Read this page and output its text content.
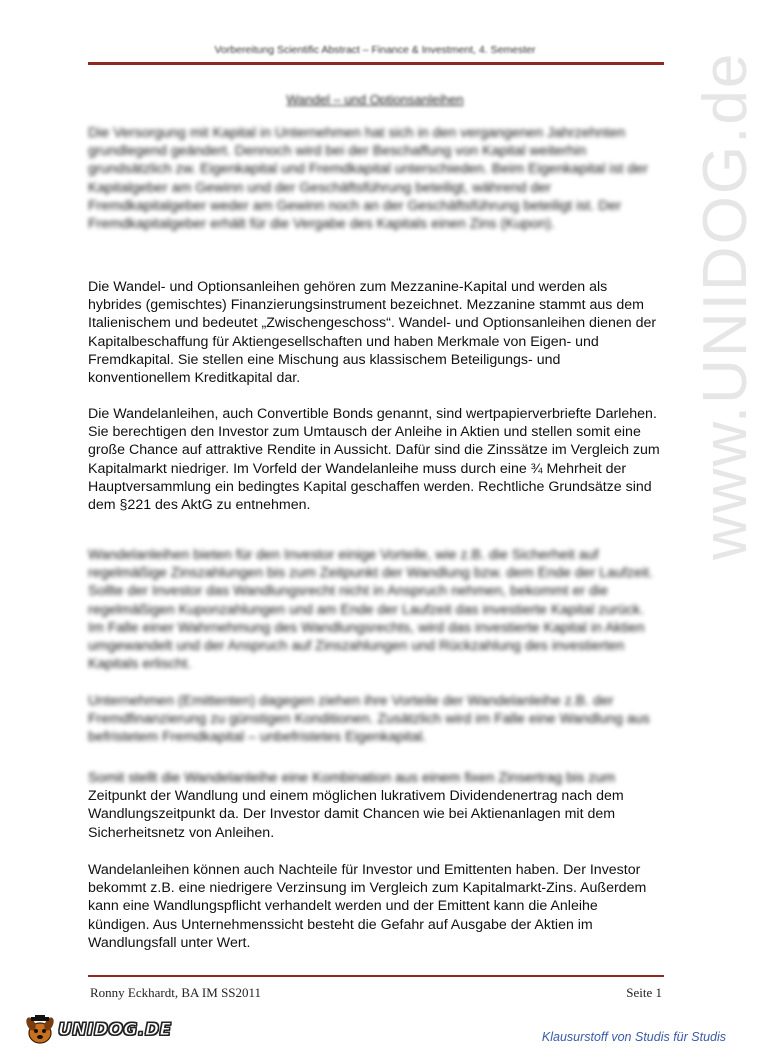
Vorbereitung Scientific Abstract – Finance & Investment, 4. Semester
Wandel – und Optionsanleihen

Die Versorgung mit Kapital in Unternehmen hat sich in den vergangenen Jahrzehnten grundlegend geändert. Dennoch wird bei der Beschaffung von Kapital weiterhin grundsätzlich zw. Eigenkapital und Fremdkapital unterschieden. Beim Eigenkapital ist der Kapitalgeber am Gewinn und der Geschäftsführung beteiligt, während der Fremdkapitalgeber weder am Gewinn noch an der Geschäftsführung beteiligt ist. Der Fremdkapitalgeber erhält für die Vergabe des Kapitals einen Zins (Kupon).

Die Wandel- und Optionsanleihen gehören zum Mezzanine-Kapital und werden als hybrides (gemischtes) Finanzierungsinstrument bezeichnet. Mezzanine stammt aus dem Italienischem und bedeutet „Zwischengeschoss“. Wandel- und Optionsanleihen dienen der Kapitalbeschaffung für Aktiengesellschaften und haben Merkmale von Eigen- und Fremdkapital. Sie stellen eine Mischung aus klassischem Beteiligungs- und konventionellem Kreditkapital dar.

Die Wandelanleihen, auch Convertible Bonds genannt, sind wertpapierverbriefte Darlehen. Sie berechtigen den Investor zum Umtausch der Anleihe in Aktien und stellen somit eine große Chance auf attraktive Rendite in Aussicht. Dafür sind die Zinssätze im Vergleich zum Kapitalmarkt niedriger. Im Vorfeld der Wandelanleihe muss durch eine ¾ Mehrheit der Hauptversammlung ein bedingtes Kapital geschaffen werden. Rechtliche Grundsätze sind dem §221 des AktG zu entnehmen.

Wandelanleihen bieten für den Investor einige Vorteile, wie z.B. die Sicherheit auf regelmäßige Zinszahlungen bis zum Zeitpunkt der Wandlung bzw. dem Ende der Laufzeit. Sollte der Investor das Wandlungsrecht nicht in Anspruch nehmen, bekommt er die regelmäßigen Kuponzahlungen und am Ende der Laufzeit das investierte Kapital zurück. Im Falle einer Wahrnehmung des Wandlungsrechts, wird das investierte Kapital in Aktien umgewandelt und der Anspruch auf Zinszahlungen und Rückzahlung des investierten Kapitals erlischt.

Unternehmen (Emittenten) dagegen ziehen ihre Vorteile der Wandelanleihe z.B. der Fremdfinanzierung zu günstigen Konditionen. Zusätzlich wird im Falle eine Wandlung aus befristetem Fremdkapital – unbefristetes Eigenkapital.

Somit stellt die Wandelanleihe eine Kombination aus einem fixen Zinsertrag bis zum
Zeitpunkt der Wandlung und einem möglichen lukrativem Dividendenertrag nach dem Wandlungszeitpunkt da. Der Investor damit Chancen wie bei Aktienanlagen mit dem Sicherheitsnetz von Anleihen.

Wandelanleihen können auch Nachteile für Investor und Emittenten haben. Der Investor bekommt z.B. eine niedrigere Verzinsung im Vergleich zum Kapitalmarkt-Zins. Außerdem kann eine Wandlungspflicht verhandelt werden und der Emittent kann die Anleihe kündigen. Aus Unternehmenssicht besteht die Gefahr auf Ausgabe der Aktien im Wandlungsfall unter Wert.

Ronny Eckhardt, BA IM SS2011	Seite 1
www.UNIDOG.de
UNIDOG.DE	Klausurstoff von Studis für Studis
